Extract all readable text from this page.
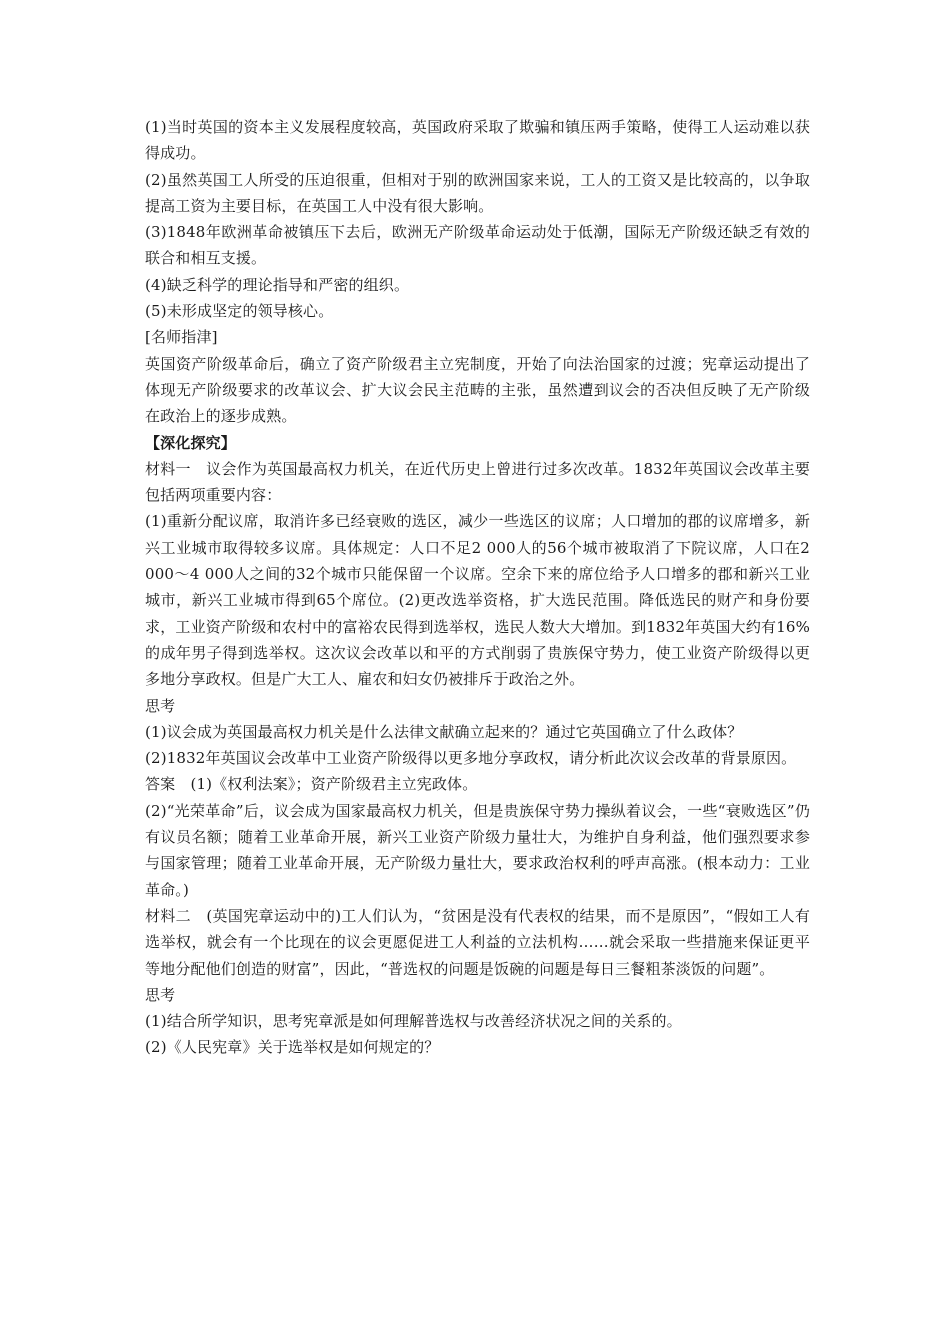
(1)当时英国的资本主义发展程度较高，英国政府采取了欺骗和镇压两手策略，使得工人运动难以获得成功。

(2)虽然英国工人所受的压迫很重，但相对于别的欧洲国家来说，工人的工资又是比较高的，以争取提高工资为主要目标，在英国工人中没有很大影响。

(3)1848年欧洲革命被镇压下去后，欧洲无产阶级革命运动处于低潮，国际无产阶级还缺乏有效的联合和相互支援。

(4)缺乏科学的理论指导和严密的组织。

(5)未形成坚定的领导核心。

[名师指津]

英国资产阶级革命后，确立了资产阶级君主立宪制度，开始了向法治国家的过渡；宪章运动提出了体现无产阶级要求的改革议会、扩大议会民主范畴的主张，虽然遭到议会的否决但反映了无产阶级在政治上的逐步成熟。

【深化探究】

材料一　议会作为英国最高权力机关，在近代历史上曾进行过多次改革。1832年英国议会改革主要包括两项重要内容：

(1)重新分配议席，取消许多已经衰败的选区，减少一些选区的议席；人口增加的郡的议席增多，新兴工业城市取得较多议席。具体规定：人口不足2 000人的56个城市被取消了下院议席，人口在2 000～4 000人之间的32个城市只能保留一个议席。空余下来的席位给予人口增多的郡和新兴工业城市，新兴工业城市得到65个席位。(2)更改选举资格，扩大选民范围。降低选民的财产和身份要求，工业资产阶级和农村中的富裕农民得到选举权，选民人数大大增加。到1832年英国大约有16%的成年男子得到选举权。这次议会改革以和平的方式削弱了贵族保守势力，使工业资产阶级得以更多地分享政权。但是广大工人、雇农和妇女仍被排斥于政治之外。

思考

(1)议会成为英国最高权力机关是什么法律文献确立起来的？通过它英国确立了什么政体？

(2)1832年英国议会改革中工业资产阶级得以更多地分享政权，请分析此次议会改革的背景原因。

答案　(1)《权利法案》；资产阶级君主立宪政体。

(2)“光荣革命”后，议会成为国家最高权力机关，但是贵族保守势力操纵着议会，一些“衰败选区”仍有议员名额；随着工业革命开展，新兴工业资产阶级力量壮大，为维护自身利益，他们强烈要求参与国家管理；随着工业革命开展，无产阶级力量壮大，要求政治权利的呼声高涨。(根本动力：工业革命。)

材料二　(英国宪章运动中的)工人们认为，“贫困是没有代表权的结果，而不是原因”，“假如工人有选举权，就会有一个比现在的议会更愿促进工人利益的立法机构……就会采取一些措施来保证更平等地分配他们创造的财富”，因此，“普选权的问题是饭碗的问题是每日三餐粗茶淡饭的问题”。

思考

(1)结合所学知识，思考宪章派是如何理解普选权与改善经济状况之间的关系的。

(2)《人民宪章》关于选举权是如何规定的？
